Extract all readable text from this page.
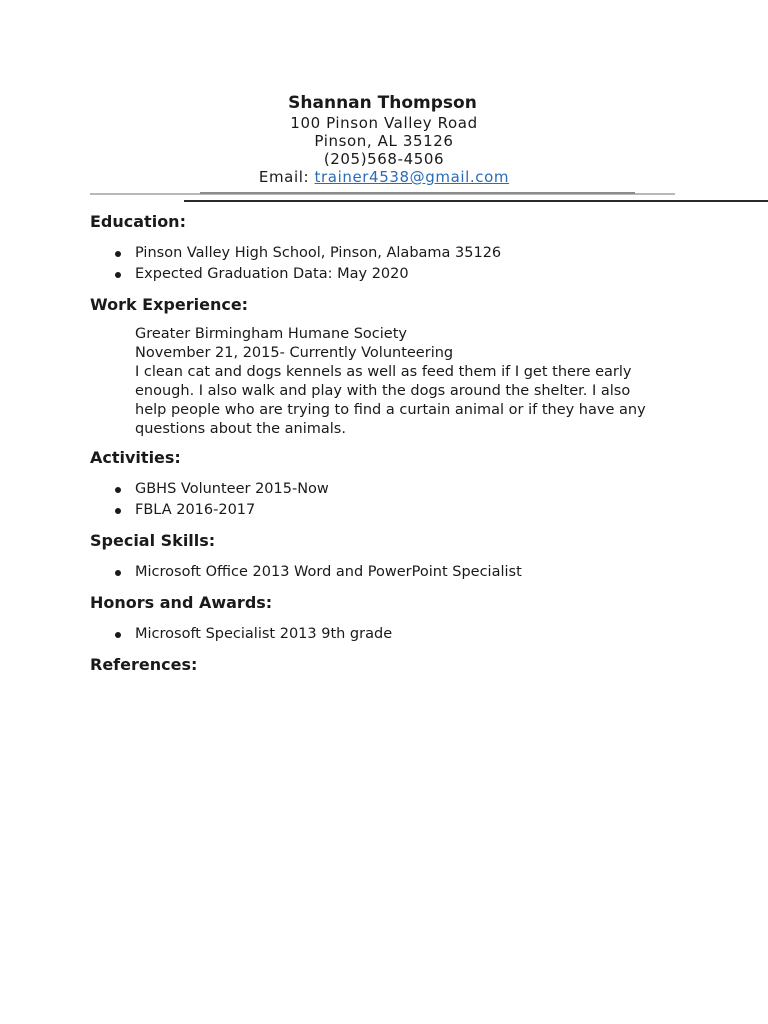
Shannan Thompson
100 Pinson Valley Road
Pinson, AL 35126
(205)568-4506
Email: trainer4538@gmail.com
Education:
Pinson Valley High School, Pinson, Alabama 35126
Expected Graduation Data: May 2020
Work Experience:
Greater Birmingham Humane Society
November 21, 2015- Currently Volunteering
I clean cat and dogs kennels as well as feed them if I get there early
enough. I also walk and play with the dogs around the shelter. I also
help people who are trying to find a curtain animal or if they have any
questions about the animals.
Activities:
GBHS Volunteer 2015-Now
FBLA 2016-2017
Special Skills:
Microsoft Office 2013 Word and PowerPoint Specialist
Honors and Awards:
Microsoft Specialist 2013 9th grade
References:
